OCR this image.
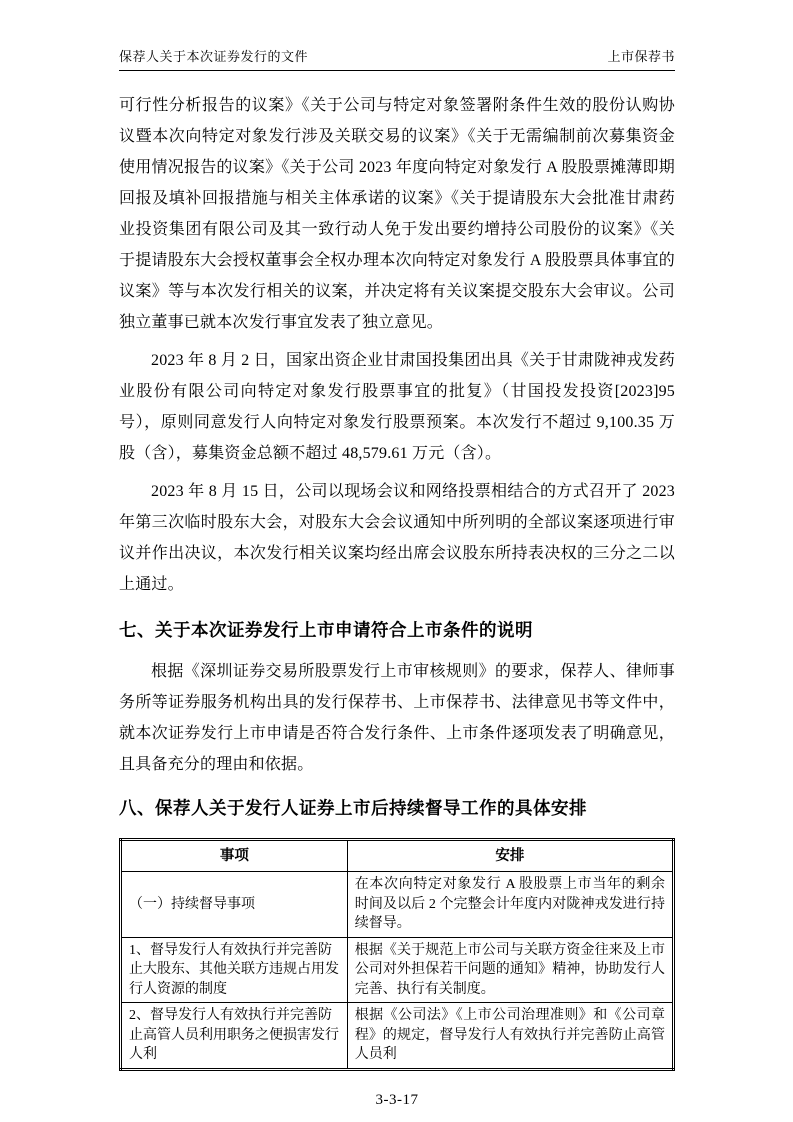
保荐人关于本次证券发行的文件	上市保荐书

可行性分析报告的议案》《关于公司与特定对象签署附条件生效的股份认购协议暨本次向特定对象发行涉及关联交易的议案》《关于无需编制前次募集资金使用情况报告的议案》《关于公司 2023 年度向特定对象发行 A 股股票摊薄即期回报及填补回报措施与相关主体承诺的议案》《关于提请股东大会批准甘肃药业投资集团有限公司及其一致行动人免于发出要约增持公司股份的议案》《关于提请股东大会授权董事会全权办理本次向特定对象发行 A 股股票具体事宜的议案》等与本次发行相关的议案，并决定将有关议案提交股东大会审议。公司独立董事已就本次发行事宜发表了独立意见。

2023 年 8 月 2 日，国家出资企业甘肃国投集团出具《关于甘肃陇神戎发药业股份有限公司向特定对象发行股票事宜的批复》（甘国投发投资[2023]95 号），原则同意发行人向特定对象发行股票预案。本次发行不超过 9,100.35 万股（含），募集资金总额不超过 48,579.61 万元（含）。

2023 年 8 月 15 日，公司以现场会议和网络投票相结合的方式召开了 2023 年第三次临时股东大会，对股东大会会议通知中所列明的全部议案逐项进行审议并作出决议，本次发行相关议案均经出席会议股东所持表决权的三分之二以上通过。

七、关于本次证券发行上市申请符合上市条件的说明

根据《深圳证券交易所股票发行上市审核规则》的要求，保荐人、律师事务所等证券服务机构出具的发行保荐书、上市保荐书、法律意见书等文件中，就本次证券发行上市申请是否符合发行条件、上市条件逐项发表了明确意见，且具备充分的理由和依据。

八、保荐人关于发行人证券上市后持续督导工作的具体安排
事项	安排
（一）持续督导事项	在本次向特定对象发行 A 股股票上市当年的剩余时间及以后 2 个完整会计年度内对陇神戎发进行持续督导。
1、督导发行人有效执行并完善防止大股东、其他关联方违规占用发行人资源的制度	根据《关于规范上市公司与关联方资金往来及上市公司对外担保若干问题的通知》精神，协助发行人完善、执行有关制度。
2、督导发行人有效执行并完善防止高管人员利用职务之便损害发行人利	根据《公司法》《上市公司治理准则》和《公司章程》的规定，督导发行人有效执行并完善防止高管人员利
3-3-17
